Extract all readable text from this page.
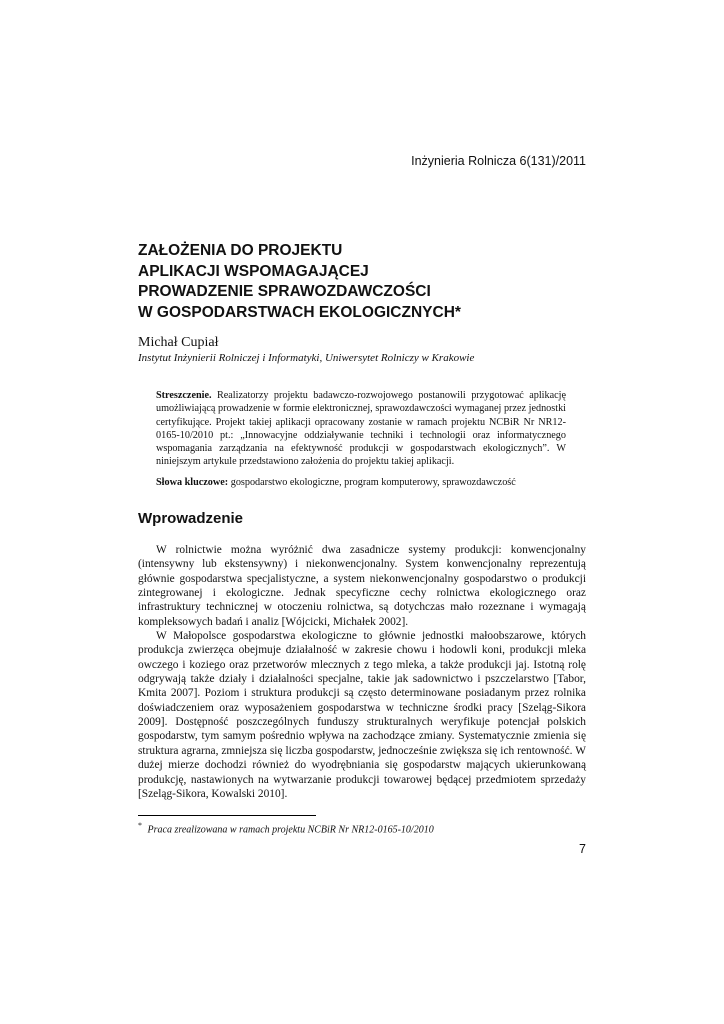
Inżynieria Rolnicza 6(131)/2011
ZAŁOŻENIA DO PROJEKTU
APLIKACJI WSPOMAGAJĄCEJ
PROWADZENIE SPRAWOZDAWCZOŚCI
W GOSPODARSTWACH EKOLOGICZNYCH*
Michał Cupiał
Instytut Inżynierii Rolniczej i Informatyki, Uniwersytet Rolniczy w Krakowie
Streszczenie. Realizatorzy projektu badawczo-rozwojowego postanowili przygotować aplikację umożliwiającą prowadzenie w formie elektronicznej, sprawozdawczości wymaganej przez jednostki certyfikujące. Projekt takiej aplikacji opracowany zostanie w ramach projektu NCBiR Nr NR12-0165-10/2010 pt.: „Innowacyjne oddziaływanie techniki i technologii oraz informatycznego wspomagania zarządzania na efektywność produkcji w gospodarstwach ekologicznych”. W niniejszym artykule przedstawiono założenia do projektu takiej aplikacji.
Słowa kluczowe: gospodarstwo ekologiczne, program komputerowy, sprawozdawczość
Wprowadzenie

W rolnictwie można wyróżnić dwa zasadnicze systemy produkcji: konwencjonalny (intensywny lub ekstensywny) i niekonwencjonalny. System konwencjonalny reprezentują głównie gospodarstwa specjalistyczne, a system niekonwencjonalny gospodarstwo o produkcji zintegrowanej i ekologiczne. Jednak specyficzne cechy rolnictwa ekologicznego oraz infrastruktury technicznej w otoczeniu rolnictwa, są dotychczas mało rozeznane i wymagają kompleksowych badań i analiz [Wójcicki, Michałek 2002].

W Małopolsce gospodarstwa ekologiczne to głównie jednostki małoobszarowe, których produkcja zwierzęca obejmuje działalność w zakresie chowu i hodowli koni, produkcji mleka owczego i koziego oraz przetworów mlecznych z tego mleka, a także produkcji jaj. Istotną rolę odgrywają także działy i działalności specjalne, takie jak sadownictwo i pszczelarstwo [Tabor, Kmita 2007]. Poziom i struktura produkcji są często determinowane posiadanym przez rolnika doświadczeniem oraz wyposażeniem gospodarstwa w techniczne środki pracy [Szeląg-Sikora 2009]. Dostępność poszczególnych funduszy strukturalnych weryfikuje potencjał polskich gospodarstw, tym samym pośrednio wpływa na zachodzące zmiany. Systematycznie zmienia się struktura agrarna, zmniejsza się liczba gospodarstw, jednocześnie zwiększa się ich rentowność. W dużej mierze dochodzi również do wyodrębniania się gospodarstw mających ukierunkowaną produkcję, nastawionych na wytwarzanie produkcji towarowej będącej przedmiotem sprzedaży [Szeląg-Sikora, Kowalski 2010].

* Praca zrealizowana w ramach projektu NCBiR Nr NR12-0165-10/2010
7
